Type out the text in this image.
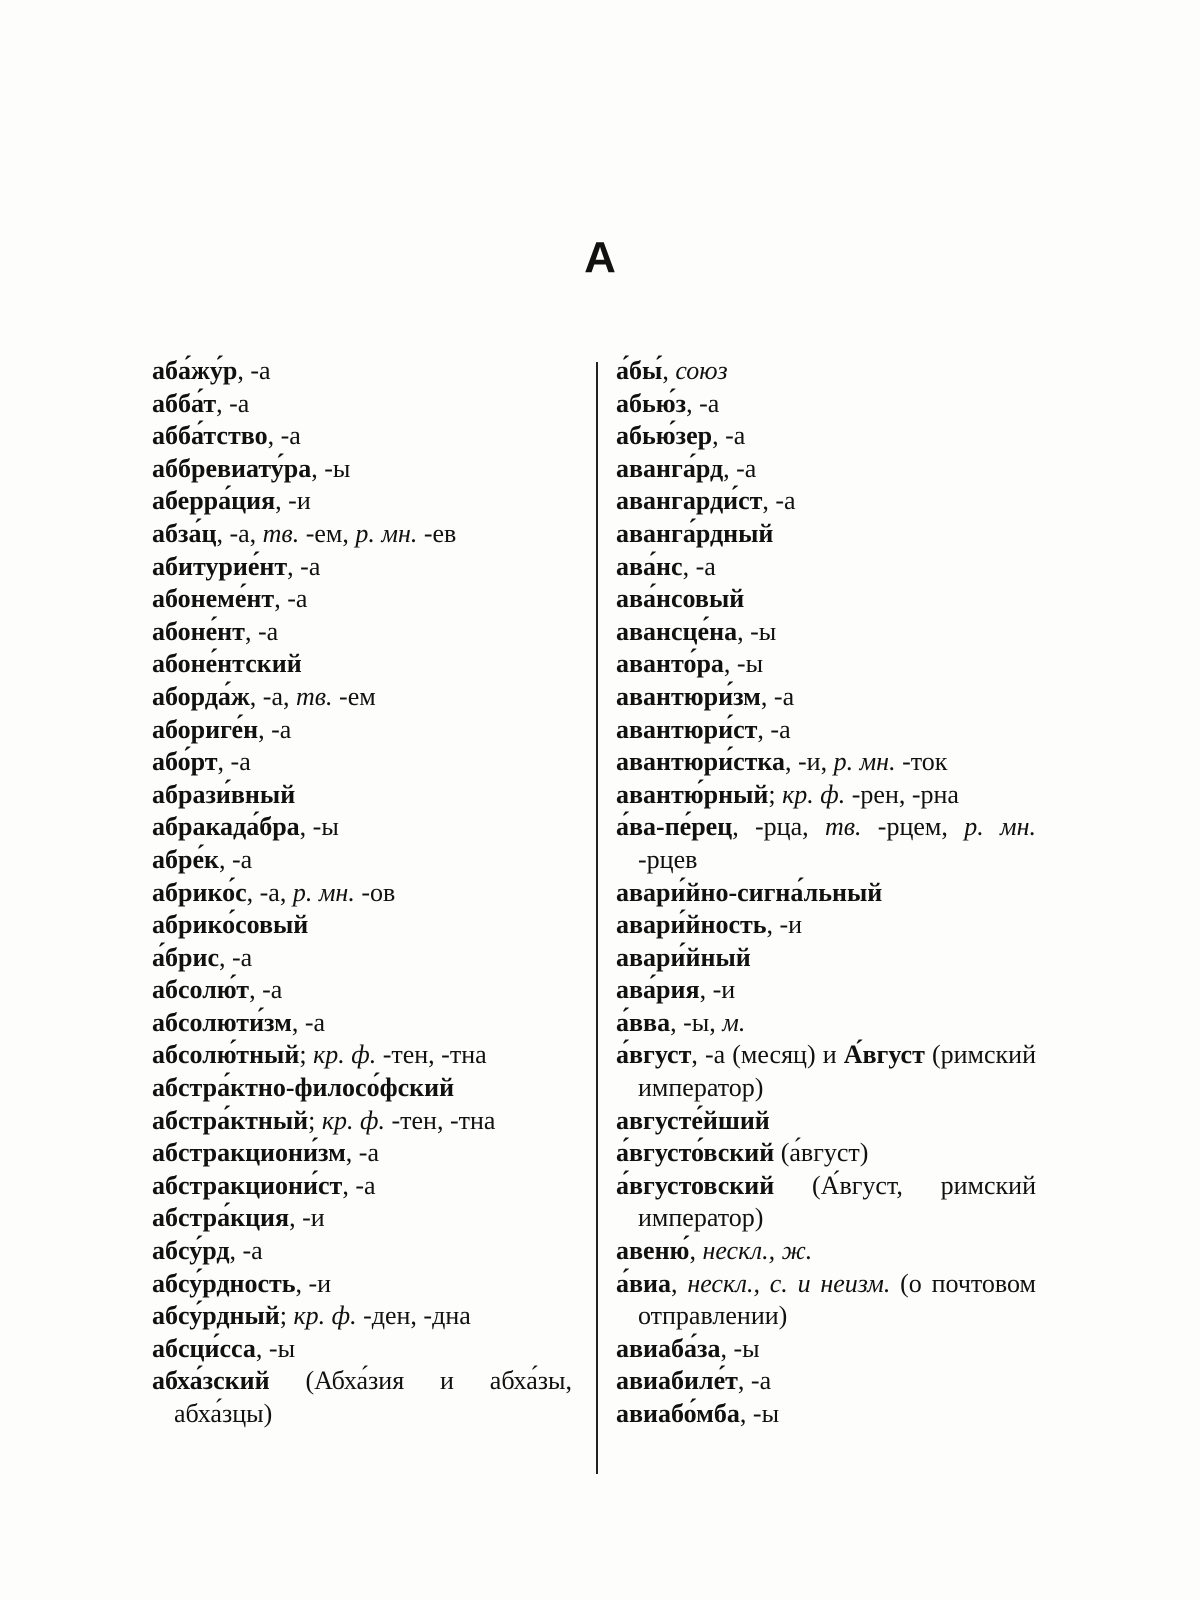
А
аба́жу́р, -а
абба́т, -а
абба́тство, -а
аббревиату́ра, -ы
аберра́ция, -и
абза́ц, -а, тв. -ем, р. мн. -ев
абитурие́нт, -а
абонеме́нт, -а
абоне́нт, -а
абоне́нтский
аборда́ж, -а, тв. -ем
абориге́н, -а
або́рт, -а
абрази́вный
абракада́бра, -ы
абре́к, -а
абрико́с, -а, р. мн. -ов
абрико́совый
а́брис, -а
абсолю́т, -а
абсолюти́зм, -а
абсолю́тный; кр. ф. -тен, -тна
абстра́ктно-филосо́фский
абстра́ктный; кр. ф. -тен, -тна
абстракциони́зм, -а
абстракциони́ст, -а
абстра́кция, -и
абсу́рд, -а
абсу́рдность, -и
абсу́рдный; кр. ф. -ден, -дна
абсци́сса, -ы
абха́зский (Абха́зия и абха́зы, абха́зцы)
а́бы́, союз
абью́з, -а
абью́зер, -а
аванга́рд, -а
авангарди́ст, -а
аванга́рдный
ава́нс, -а
ава́нсовый
авансце́на, -ы
аванто́ра, -ы
авантюри́зм, -а
авантюри́ст, -а
авантюри́стка, -и, р. мн. -ток
авантю́рный; кр. ф. -рен, -рна
а́ва-пе́рец, -рца, тв. -рцем, р. мн. -рцев
авари́йно-сигна́льный
авари́йность, -и
авари́йный
ава́рия, -и
а́вва, -ы, м.
а́вгуст, -а (месяц) и А́вгуст (римский император)
августе́йший
а́вгусто́вский (а́вгуст)
а́вгустовский (А́вгуст, римский император)
авеню́, нескл., ж.
а́виа, нескл., с. и неизм. (о почтовом отправлении)
авиаба́за, -ы
авиабиле́т, -а
авиабо́мба, -ы
